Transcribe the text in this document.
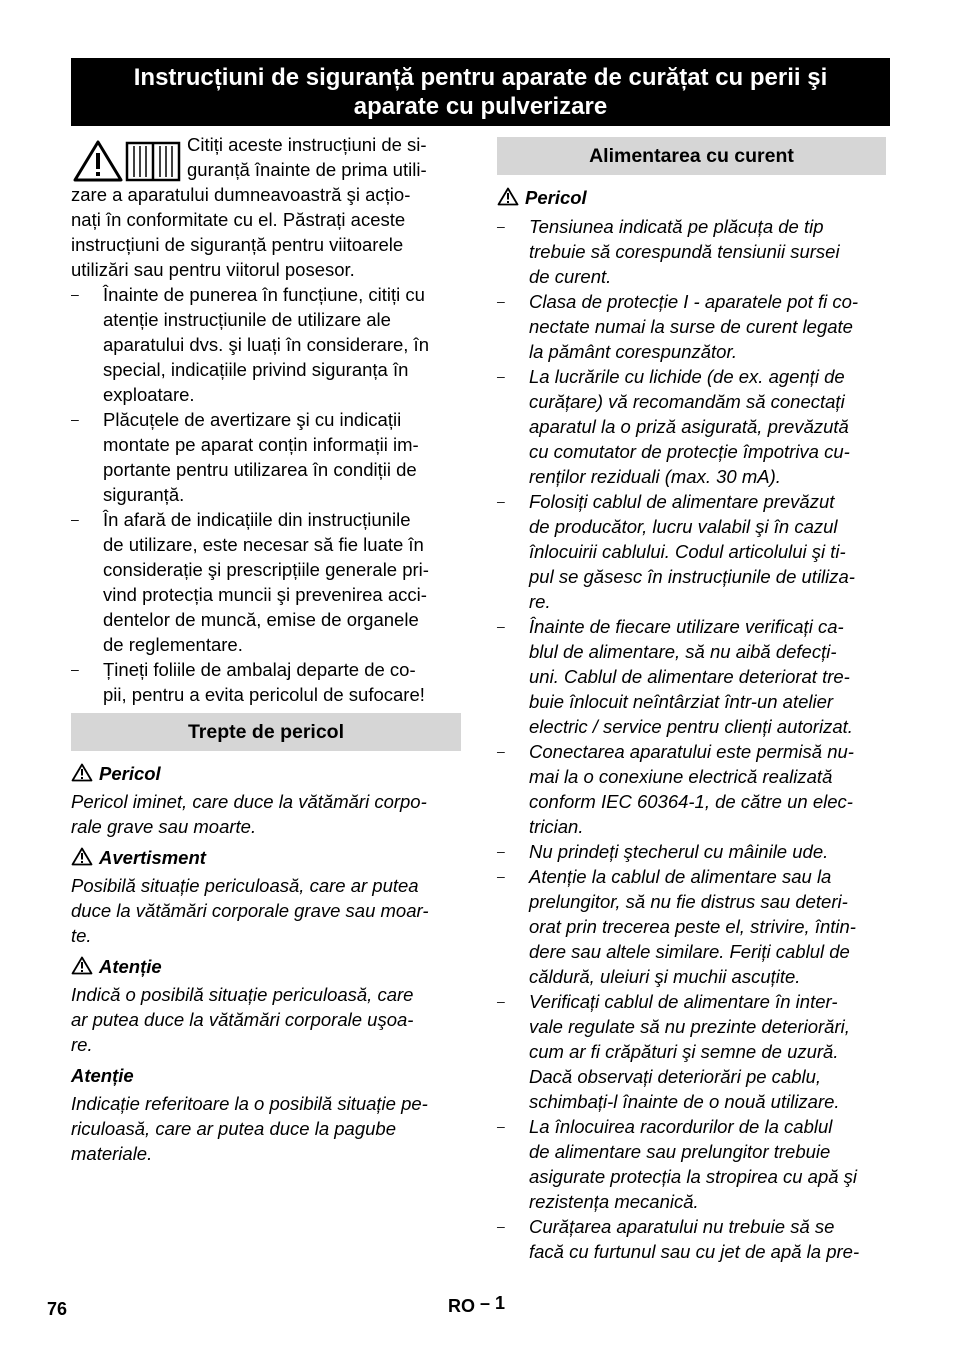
Instrucțiuni de siguranță pentru aparate de curățat cu perii şi
aparate cu pulverizare
Citiți aceste instrucțiuni de si-
guranță înainte de prima utili-
zare a aparatului dumneavoastră şi acțio-
nați în conformitate cu el. Păstrați aceste
instrucțiuni de siguranță pentru viitoarele
utilizări sau pentru viitorul posesor.
– Înainte de punerea în funcțiune, citiți cu
atenție instrucțiunile de utilizare ale
aparatului dvs. şi luați în considerare, în
special, indicațiile privind siguranța în
exploatare.
– Plăcuțele de avertizare şi cu indicații
montate pe aparat conțin informații im-
portante pentru utilizarea în condiții de
siguranță.
– În afară de indicațiile din instrucțiunile
de utilizare, este necesar să fie luate în
considerație şi prescripțiile generale pri-
vind protecția muncii şi prevenirea acci-
dentelor de muncă, emise de organele
de reglementare.
– Țineți foliile de ambalaj departe de co-
pii, pentru a evita pericolul de sufocare!
Trepte de pericol
Pericol
Pericol iminet, care duce la vătămări corpo-
rale grave sau moarte.
Avertisment
Posibilă situație periculoasă, care ar putea
duce la vătămări corporale grave sau moar-
te.
Atenție
Indică o posibilă situație periculoasă, care
ar putea duce la vătămări corporale uşoa-
re.
Atenție
Indicație referitoare la o posibilă situație pe-
riculoasă, care ar putea duce la pagube
materiale.
Alimentarea cu curent
Pericol
– Tensiunea indicată pe plăcuța de tip
trebuie să corespundă tensiunii sursei
de curent.
– Clasa de protecție I - aparatele pot fi co-
nectate numai la surse de curent legate
la pământ corespunzător.
– La lucrările cu lichide (de ex. agenți de
curățare) vă recomandăm să conectați
aparatul la o priză asigurată, prevăzută
cu comutator de protecție împotriva cu-
renților reziduali (max. 30 mA).
– Folosiți cablul de alimentare prevăzut
de producător, lucru valabil şi în cazul
înlocuirii cablului. Codul articolului şi ti-
pul se găsesc în instrucțiunile de utiliza-
re.
– Înainte de fiecare utilizare verificați ca-
blul de alimentare, să nu aibă defecți-
uni. Cablul de alimentare deteriorat tre-
buie înlocuit neîntârziat într-un atelier
electric / service pentru clienți autorizat.
– Conectarea aparatului este permisă nu-
mai la o conexiune electrică realizată
conform IEC 60364-1, de către un elec-
trician.
– Nu prindeți ştecherul cu mâinile ude.
– Atenție la cablul de alimentare sau la
prelungitor, să nu fie distrus sau deteri-
orat prin trecerea peste el, strivire, întin-
dere sau altele similare. Feriți cablul de
căldură, uleiuri şi muchii ascuțite.
– Verificați cablul de alimentare în inter-
vale regulate să nu prezinte deteriorări,
cum ar fi crăpături şi semne de uzură.
Dacă observați deteriorări pe cablu,
schimbați-l înainte de o nouă utilizare.
– La înlocuirea racordurilor de la cablul
de alimentare sau prelungitor trebuie
asigurate protecția la stropirea cu apă şi
rezistența mecanică.
– Curățarea aparatului nu trebuie să se
facă cu furtunul sau cu jet de apă la pre-
76	RO – 1
